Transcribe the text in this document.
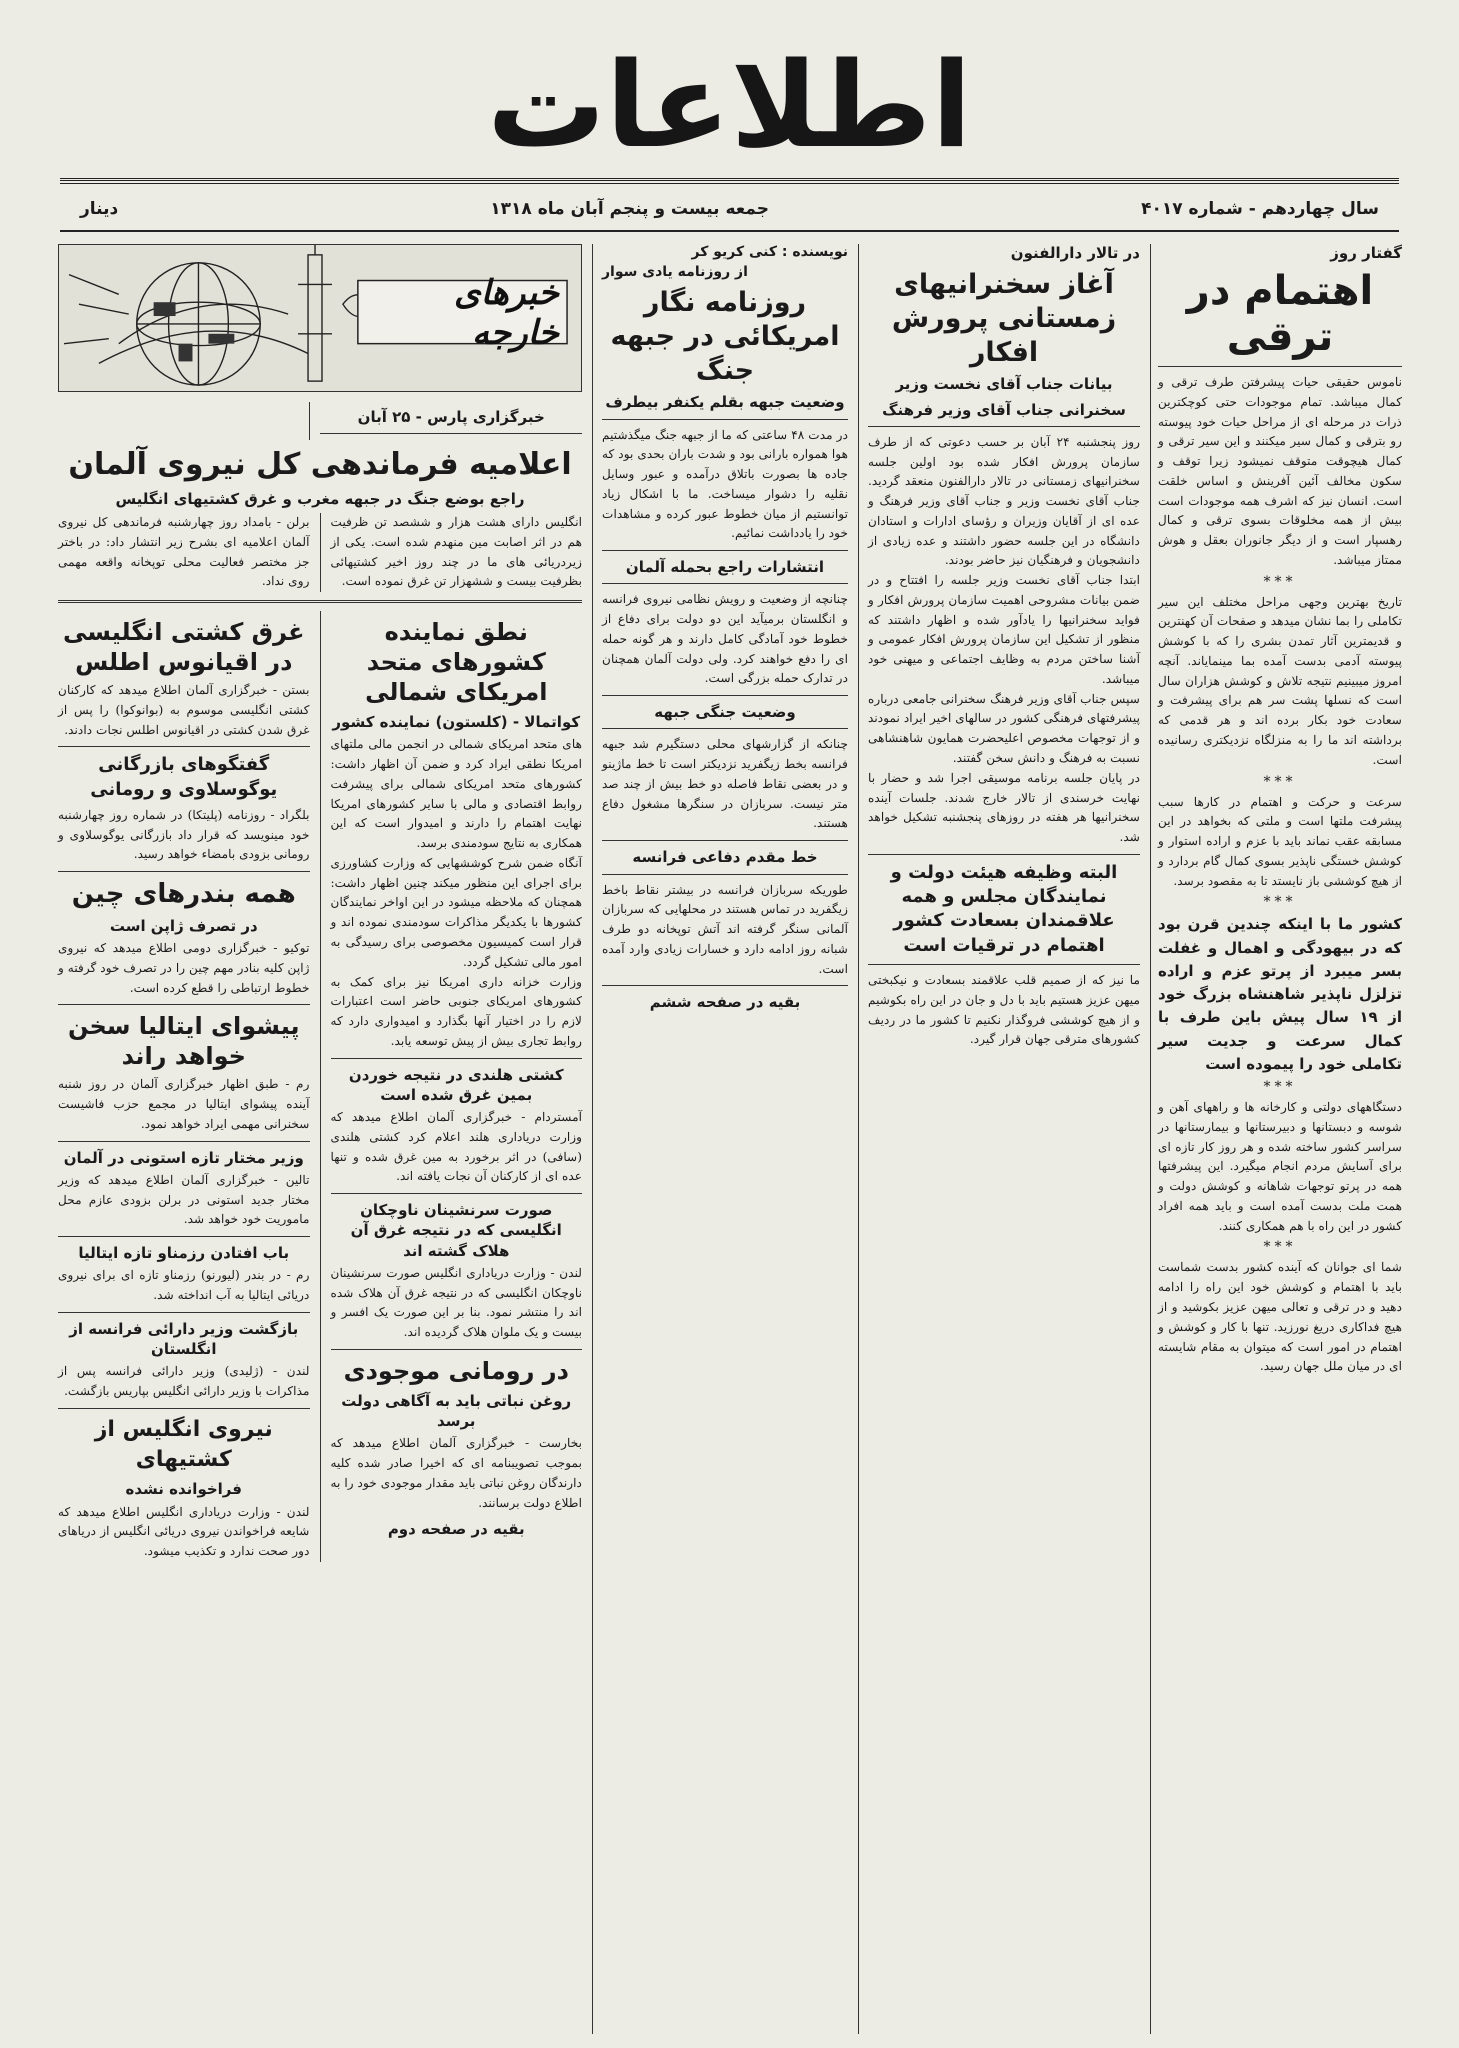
اطلاعات
سال چهاردهم - شماره ۴۰۱۷
جمعه بیست و پنجم آبان ماه ۱۳۱۸
دینار
گفتار روز
اهتمام در ترقی

ناموس حقیقی حیات پیشرفتن طرف ترقی و کمال میباشد. تمام موجودات حتی کوچکترین ذرات در مرحله ای از مراحل حیات خود پیوسته رو بترقی و کمال سیر میکنند و این سیر ترقی و کمال هیچوقت متوقف نمیشود زیرا توقف و سکون مخالف آئین آفرینش و اساس خلقت است. انسان نیز که اشرف همه موجودات است بیش از همه مخلوقات بسوی ترقی و کمال رهسپار است و از دیگر جانوران بعقل و هوش ممتاز میباشد.

***

تاریخ بهترین وجهی مراحل مختلف این سیر تکاملی را بما نشان میدهد و صفحات آن کهنترین و قدیمترین آثار تمدن بشری را که با کوشش پیوسته آدمی بدست آمده بما مینمایاند. آنچه امروز میبینیم نتیجه تلاش و کوشش هزاران سال است که نسلها پشت سر هم برای پیشرفت و سعادت خود بکار برده اند و هر قدمی که برداشته اند ما را به منزلگاه نزدیکتری رسانیده است.

***

سرعت و حرکت و اهتمام در کارها سبب پیشرفت ملتها است و ملتی که بخواهد در این مسابقه عقب نماند باید با عزم و اراده استوار و کوشش خستگی ناپذیر بسوی کمال گام بردارد و از هیچ کوششی باز نایستد تا به مقصود برسد.

***

کشور ما با اینکه چندین قرن بود که در بیهودگی و اهمال و غفلت بسر میبرد از پرتو عزم و اراده تزلزل ناپذیر شاهنشاه بزرگ خود از ۱۹ سال پیش باین طرف با کمال سرعت و جدیت سیر تکاملی خود را پیموده است

***

دستگاههای دولتی و کارخانه ها و راههای آهن و شوسه و دبستانها و دبیرستانها و بیمارستانها در سراسر کشور ساخته شده و هر روز کار تازه ای برای آسایش مردم انجام میگیرد. این پیشرفتها همه در پرتو توجهات شاهانه و کوشش دولت و همت ملت بدست آمده است و باید همه افراد کشور در این راه با هم همکاری کنند.

***

شما ای جوانان که آینده کشور بدست شماست باید با اهتمام و کوشش خود این راه را ادامه دهید و در ترقی و تعالی میهن عزیز بکوشید و از هیچ فداکاری دریغ نورزید. تنها با کار و کوشش و اهتمام در امور است که میتوان به مقام شایسته ای در میان ملل جهان رسید.

در تالار دارالفنون
آغاز سخنرانیهای زمستانی پرورش افکار
بیانات جناب آقای نخست وزیر
سخنرانی جناب آقای وزیر فرهنگ

روز پنجشنبه ۲۴ آبان بر حسب دعوتی که از طرف سازمان پرورش افکار شده بود اولین جلسه سخنرانیهای زمستانی در تالار دارالفنون منعقد گردید. جناب آقای نخست وزیر و جناب آقای وزیر فرهنگ و عده ای از آقایان وزیران و رؤسای ادارات و استادان دانشگاه در این جلسه حضور داشتند و عده زیادی از دانشجویان و فرهنگیان نیز حاضر بودند.

ابتدا جناب آقای نخست وزیر جلسه را افتتاح و در ضمن بیانات مشروحی اهمیت سازمان پرورش افکار و فواید سخنرانیها را یادآور شده و اظهار داشتند که منظور از تشکیل این سازمان پرورش افکار عمومی و آشنا ساختن مردم به وظایف اجتماعی و میهنی خود میباشد.

سپس جناب آقای وزیر فرهنگ سخنرانی جامعی درباره پیشرفتهای فرهنگی کشور در سالهای اخیر ایراد نمودند و از توجهات مخصوص اعلیحضرت همایون شاهنشاهی نسبت به فرهنگ و دانش سخن گفتند.

در پایان جلسه برنامه موسیقی اجرا شد و حضار با نهایت خرسندی از تالار خارج شدند. جلسات آینده سخنرانیها هر هفته در روزهای پنجشنبه تشکیل خواهد شد.

البته وظیفه هیئت دولت و نمایندگان مجلس و همه علاقمندان بسعادت کشور اهتمام در ترقیات است

ما نیز که از صمیم قلب علاقمند بسعادت و نیکبختی میهن عزیز هستیم باید با دل و جان در این راه بکوشیم و از هیچ کوششی فروگذار نکنیم تا کشور ما در ردیف کشورهای مترقی جهان قرار گیرد.

نویسنده : کنی کریو کر
از روزنامه یادی سوار
روزنامه نگار امریکائی در جبهه جنگ
وضعیت جبهه بقلم یکنفر بیطرف

در مدت ۴۸ ساعتی که ما از جبهه جنگ میگذشتیم هوا همواره بارانی بود و شدت باران بحدی بود که جاده ها بصورت باتلاق درآمده و عبور وسایل نقلیه را دشوار میساخت. ما با اشکال زیاد توانستیم از میان خطوط عبور کرده و مشاهدات خود را یادداشت نمائیم.

انتشارات راجع بحمله آلمان

چنانچه از وضعیت و رویش نظامی نیروی فرانسه و انگلستان برمیآید این دو دولت برای دفاع از خطوط خود آمادگی کامل دارند و هر گونه حمله ای را دفع خواهند کرد. ولی دولت آلمان همچنان در تدارک حمله بزرگی است.

وضعیت جنگی جبهه

چنانکه از گزارشهای محلی دستگیرم شد جبهه فرانسه بخط زیگفرید نزدیکتر است تا خط ماژینو و در بعضی نقاط فاصله دو خط بیش از چند صد متر نیست. سربازان در سنگرها مشغول دفاع هستند.

خط مقدم دفاعی فرانسه

طوریکه سربازان فرانسه در بیشتر نقاط باخط زیگفرید در تماس هستند در محلهایی که سربازان آلمانی سنگر گرفته اند آتش توپخانه دو طرف شبانه روز ادامه دارد و خسارات زیادی وارد آمده است.

بقیه در صفحه ششم
خبرهای خارجه
خبرگزاری پارس - ۲۵ آبان
اعلامیه فرماندهی کل نیروی آلمان
راجع بوضع جنگ در جبهه مغرب و غرق کشتیهای انگلیس

انگلیس دارای هشت هزار و ششصد تن ظرفیت هم در اثر اصابت مین منهدم شده است. یکی از زیردریائی های ما در چند روز اخیر کشتیهائی بظرفیت بیست و ششهزار تن غرق نموده است.

برلن - بامداد روز چهارشنبه فرماندهی کل نیروی آلمان اعلامیه ای بشرح زیر انتشار داد: در باختر جز مختصر فعالیت محلی توپخانه واقعه مهمی روی نداد.

نطق نماینده کشورهای متحد امریکای شمالی
کواتمالا - (کلستون) نماینده کشور

های متحد امریکای شمالی در انجمن مالی ملتهای امریکا نطقی ایراد کرد و ضمن آن اظهار داشت: کشورهای متحد امریکای شمالی برای پیشرفت روابط اقتصادی و مالی با سایر کشورهای امریکا نهایت اهتمام را دارند و امیدوار است که این همکاری به نتایج سودمندی برسد.

آنگاه ضمن شرح کوششهایی که وزارت کشاورزی برای اجرای این منظور میکند چنین اظهار داشت: همچنان که ملاحظه میشود در این اواخر نمایندگان کشورها با یکدیگر مذاکرات سودمندی نموده اند و قرار است کمیسیون مخصوصی برای رسیدگی به امور مالی تشکیل گردد.

وزارت خزانه داری امریکا نیز برای کمک به کشورهای امریکای جنوبی حاضر است اعتبارات لازم را در اختیار آنها بگذارد و امیدواری دارد که روابط تجاری بیش از پیش توسعه یابد.

کشتی هلندی در نتیجه خوردن بمین غرق شده است

آمستردام - خبرگزاری آلمان اطلاع میدهد که وزارت دریاداری هلند اعلام کرد کشتی هلندی (سافی) در اثر برخورد به مین غرق شده و تنها عده ای از کارکنان آن نجات یافته اند.

صورت سرنشینان ناوچکان انگلیسی که در نتیجه غرق آن هلاک گشته اند

لندن - وزارت دریاداری انگلیس صورت سرنشینان ناوچکان انگلیسی که در نتیجه غرق آن هلاک شده اند را منتشر نمود. بنا بر این صورت یک افسر و بیست و یک ملوان هلاک گردیده اند.

در رومانی موجودی
روغن نباتی باید به آگاهی دولت برسد

بخارست - خبرگزاری آلمان اطلاع میدهد که بموجب تصویبنامه ای که اخیرا صادر شده کلیه دارندگان روغن نباتی باید مقدار موجودی خود را به اطلاع دولت برسانند.

بقیه در صفحه دوم
غرق کشتی انگلیسی در اقیانوس اطلس

بستن - خبرگزاری آلمان اطلاع میدهد که کارکنان کشتی انگلیسی موسوم به (بوانوکوا) را پس از غرق شدن کشتی در اقیانوس اطلس نجات دادند.

گفتگوهای بازرگانی یوگوسلاوی و رومانی

بلگراد - روزنامه (پلیتکا) در شماره روز چهارشنبه خود مینویسد که قرار داد بازرگانی یوگوسلاوی و رومانی بزودی بامضاء خواهد رسید.

همه بندرهای چین
در تصرف ژاپن است

توکیو - خبرگزاری دومی اطلاع میدهد که نیروی ژاپن کلیه بنادر مهم چین را در تصرف خود گرفته و خطوط ارتباطی را قطع کرده است.

پیشوای ایتالیا سخن خواهد راند

رم - طبق اظهار خبرگزاری آلمان در روز شنبه آینده پیشوای ایتالیا در مجمع حزب فاشیست سخنرانی مهمی ایراد خواهد نمود.

وزیر مختار تازه استونی در آلمان

تالین - خبرگزاری آلمان اطلاع میدهد که وزیر مختار جدید استونی در برلن بزودی عازم محل ماموریت خود خواهد شد.

باب افتادن رزمناو تازه ایتالیا

رم - در بندر (لیورنو) رزمناو تازه ای برای نیروی دریائی ایتالیا به آب انداخته شد.

بازگشت وزیر دارائی فرانسه از انگلستان

لندن - (ژلیدی) وزیر دارائی فرانسه پس از مذاکرات با وزیر دارائی انگلیس بپاریس بازگشت.

نیروی انگلیس از کشتیهای
فراخوانده نشده

لندن - وزارت دریاداری انگلیس اطلاع میدهد که شایعه فراخواندن نیروی دریائی انگلیس از دریاهای دور صحت ندارد و تکذیب میشود.
